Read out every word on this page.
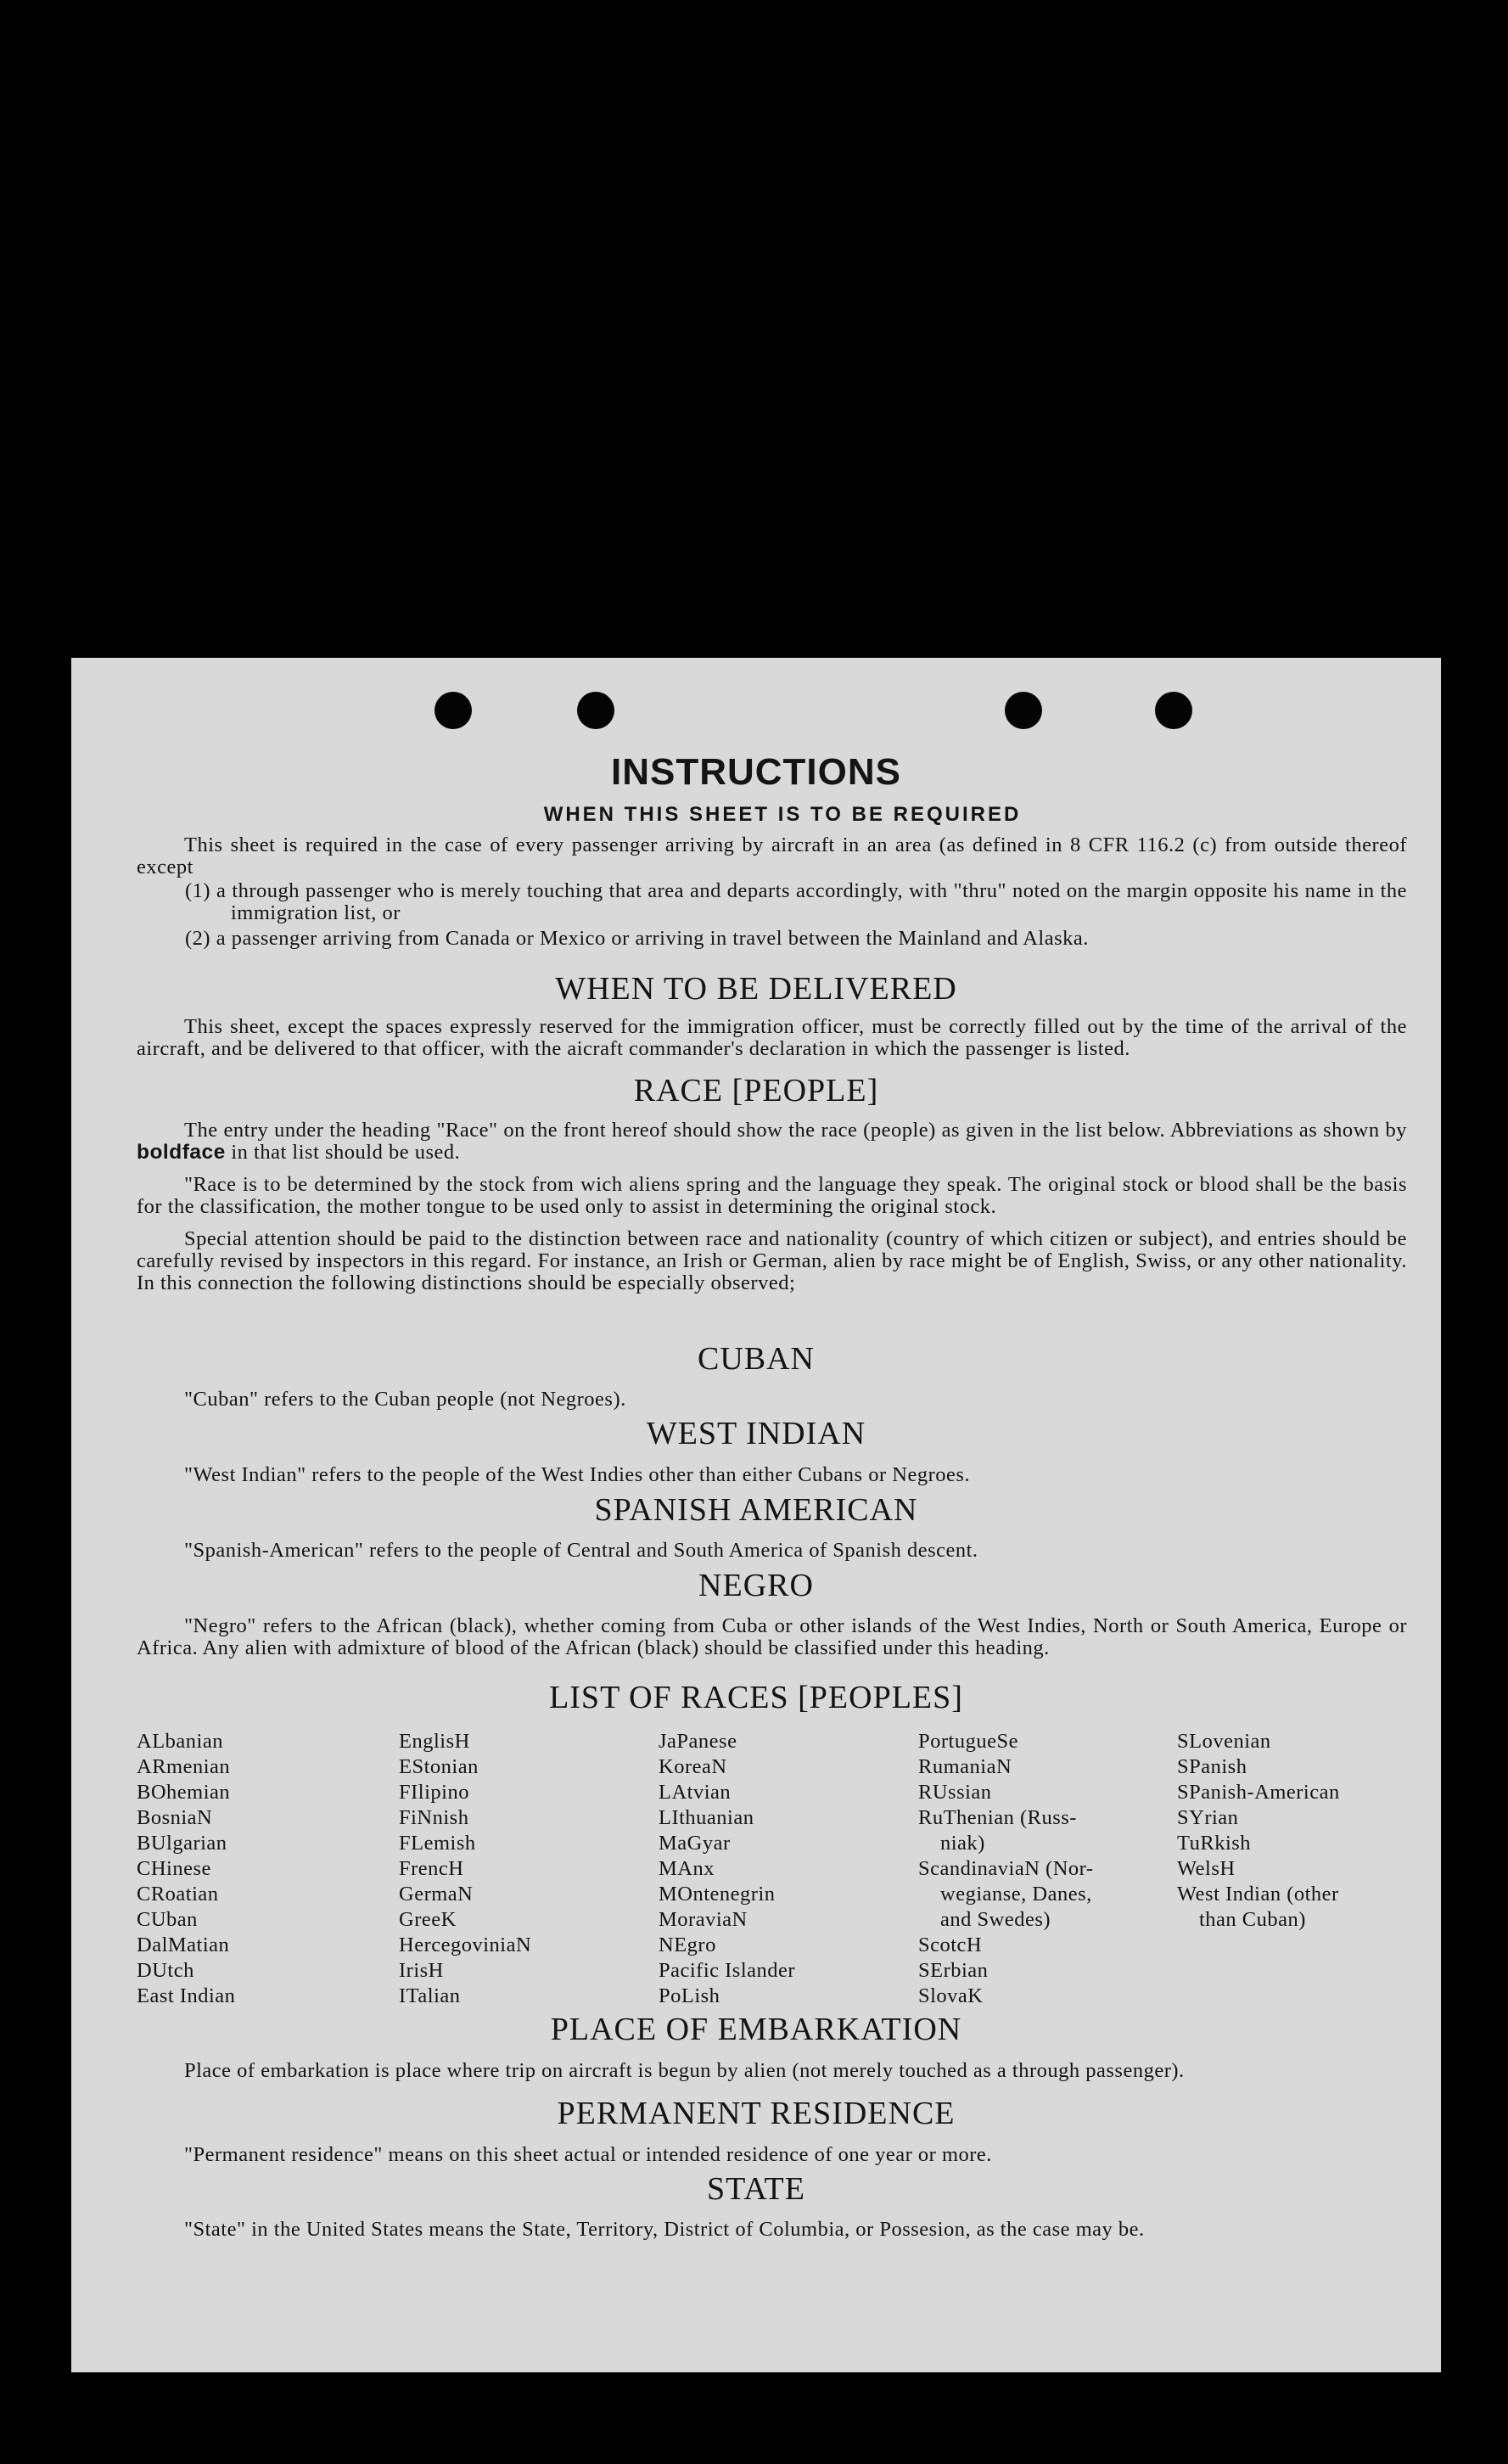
INSTRUCTIONS
WHEN THIS SHEET IS TO BE REQUIRED

This sheet is required in the case of every passenger arriving by aircraft in an area (as defined in 8 CFR 116.2 (c) from outside thereof except

(1) a through passenger who is merely touching that area and departs accordingly, with "thru" noted on the margin opposite his name in the immigration list, or

(2) a passenger arriving from Canada or Mexico or arriving in travel between the Mainland and Alaska.

WHEN TO BE DELIVERED

This sheet, except the spaces expressly reserved for the immigration officer, must be correctly filled out by the time of the arrival of the aircraft, and be delivered to that officer, with the aicraft commander's declaration in which the passenger is listed.

RACE [PEOPLE]

The entry under the heading "Race" on the front hereof should show the race (people) as given in the list below. Abbreviations as shown by boldface in that list should be used.

"Race is to be determined by the stock from wich aliens spring and the language they speak. The original stock or blood shall be the basis for the classification, the mother tongue to be used only to assist in determining the original stock.

Special attention should be paid to the distinction between race and nationality (country of which citizen or subject), and entries should be carefully revised by inspectors in this regard. For instance, an Irish or German, alien by race might be of English, Swiss, or any other nationality. In this connection the following distinctions should be especially observed;

CUBAN

"Cuban" refers to the Cuban people (not Negroes).

WEST INDIAN

"West Indian" refers to the people of the West Indies other than either Cubans or Negroes.

SPANISH AMERICAN

"Spanish-American" refers to the people of Central and South America of Spanish descent.

NEGRO

"Negro" refers to the African (black), whether coming from Cuba or other islands of the West Indies, North or South America, Europe or Africa. Any alien with admixture of blood of the African (black) should be classified under this heading.

LIST OF RACES [PEOPLES]
ALbanian
ARmenian
BOhemian
BosniaN
BUlgarian
CHinese
CRoatian
CUban
DalMatian
DUtch
East Indian
EnglisH
EStonian
FIlipino
FiNnish
FLemish
FrencH
GermaN
GreeK
HercegoviniaN
IrisH
ITalian
JaPanese
KoreaN
LAtvian
LIthuanian
MaGyar
MAnx
MOntenegrin
MoraviaN
NEgro
Pacific Islander
PoLish
PortugueSe
RumaniaN
RUssian
RuThenian (Russ-
niak)
ScandinaviaN (Nor-
wegianse, Danes,
and Swedes)
ScotcH
SErbian
SlovaK
SLovenian
SPanish
SPanish-American
SYrian
TuRkish
WelsH
West Indian (other
than Cuban)
PLACE OF EMBARKATION

Place of embarkation is place where trip on aircraft is begun by alien (not merely touched as a through passenger).

PERMANENT RESIDENCE

"Permanent residence" means on this sheet actual or intended residence of one year or more.

STATE

"State" in the United States means the State, Territory, District of Columbia, or Possesion, as the case may be.
